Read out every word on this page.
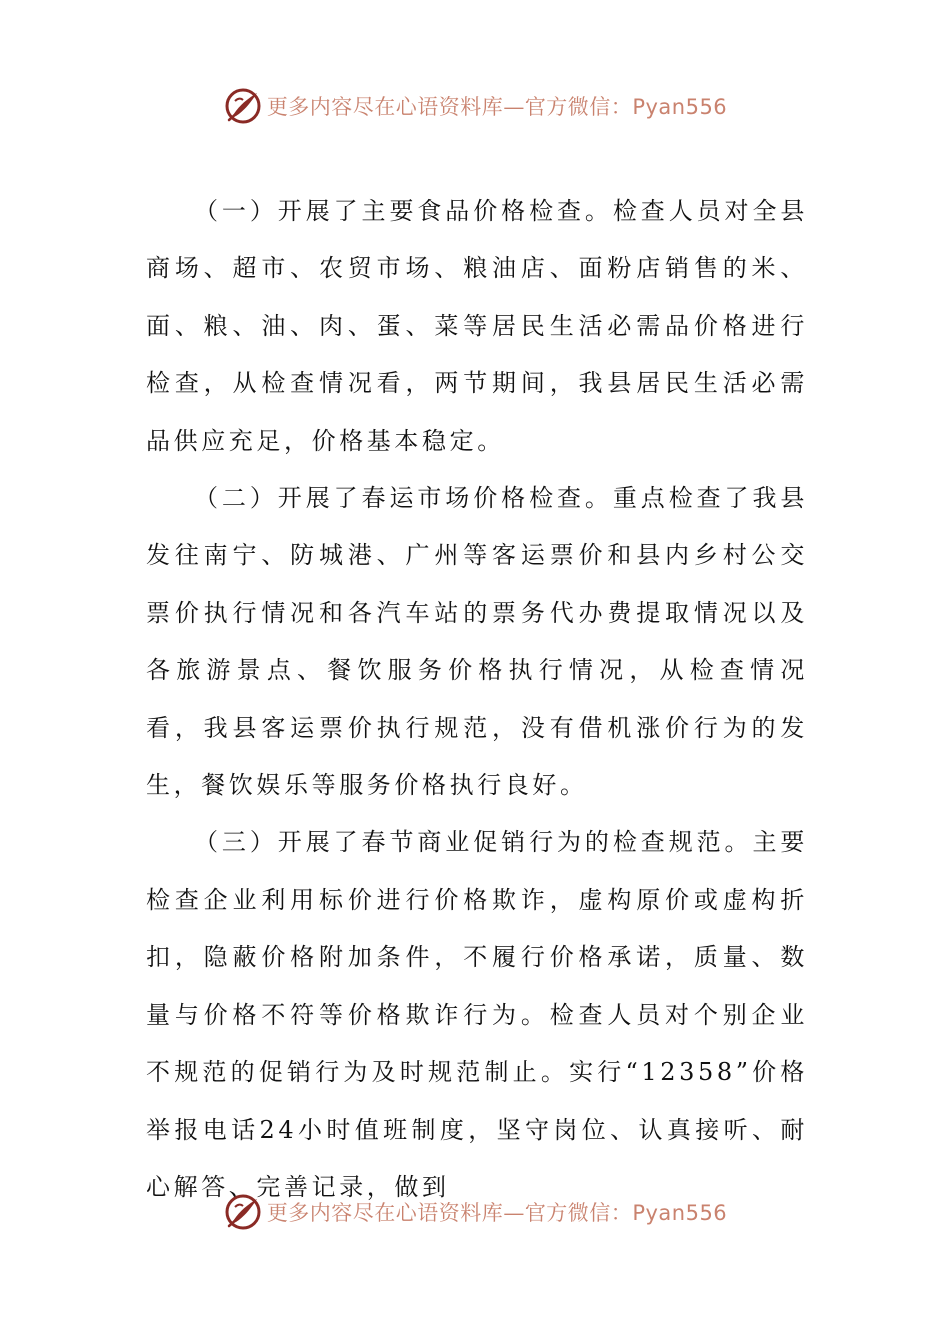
更多内容尽在心语资料库—官方微信：Pyan556

（一）开展了主要食品价格检查。检查人员对全县商场、超市、农贸市场、粮油店、面粉店销售的米、面、粮、油、肉、蛋、菜等居民生活必需品价格进行检查，从检查情况看，两节期间，我县居民生活必需品供应充足，价格基本稳定。

（二）开展了春运市场价格检查。重点检查了我县发往南宁、防城港、广州等客运票价和县内乡村公交票价执行情况和各汽车站的票务代办费提取情况以及各旅游景点、餐饮服务价格执行情况，从检查情况看，我县客运票价执行规范，没有借机涨价行为的发生，餐饮娱乐等服务价格执行良好。

（三）开展了春节商业促销行为的检查规范。主要检查企业利用标价进行价格欺诈，虚构原价或虚构折扣，隐蔽价格附加条件，不履行价格承诺，质量、数量与价格不符等价格欺诈行为。检查人员对个别企业不规范的促销行为及时规范制止。实行“12358”价格举报电话24小时值班制度，坚守岗位、认真接听、耐心解答、完善记录，做到

更多内容尽在心语资料库—官方微信：Pyan556
